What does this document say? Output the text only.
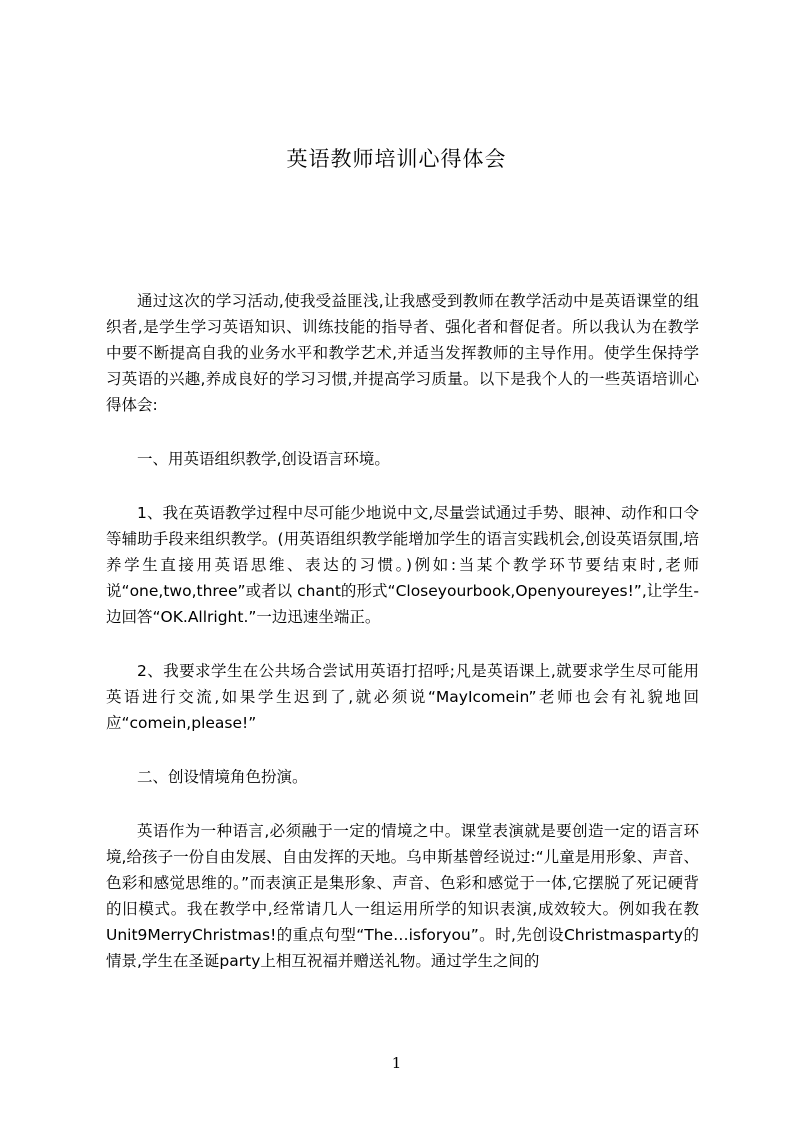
英语教师培训心得体会

通过这次的学习活动,使我受益匪浅,让我感受到教师在教学活动中是英语课堂的组织者,是学生学习英语知识、训练技能的指导者、强化者和督促者。所以我认为在教学中要不断提高自我的业务水平和教学艺术,并适当发挥教师的主导作用。使学生保持学习英语的兴趣,养成良好的学习习惯,并提高学习质量。以下是我个人的一些英语培训心得体会:

一、用英语组织教学,创设语言环境。

1、我在英语教学过程中尽可能少地说中文,尽量尝试通过手势、眼神、动作和口令等辅助手段来组织教学。(用英语组织教学能增加学生的语言实践机会,创设英语氛围,培养学生直接用英语思维、表达的习惯。)例如:当某个教学环节要结束时,老师说“one,two,three”或者以 chant的形式“Closeyourbook,Openyoureyes!”,让学生-边回答“OK.Allright.”一边迅速坐端正。

2、我要求学生在公共场合尝试用英语打招呼;凡是英语课上,就要求学生尽可能用英语进行交流,如果学生迟到了,就必须说“MayIcomein”老师也会有礼貌地回应“comein,please!”

二、创设情境角色扮演。

英语作为一种语言,必须融于一定的情境之中。课堂表演就是要创造一定的语言环境,给孩子一份自由发展、自由发挥的天地。乌申斯基曾经说过:“儿童是用形象、声音、色彩和感觉思维的。”而表演正是集形象、声音、色彩和感觉于一体,它摆脱了死记硬背的旧模式。我在教学中,经常请几人一组运用所学的知识表演,成效较大。例如我在教 Unit9MerryChristmas!的重点句型“The…isforyou”。时,先创设Christmasparty的情景,学生在圣诞party上相互祝福并赠送礼物。通过学生之间的

1
